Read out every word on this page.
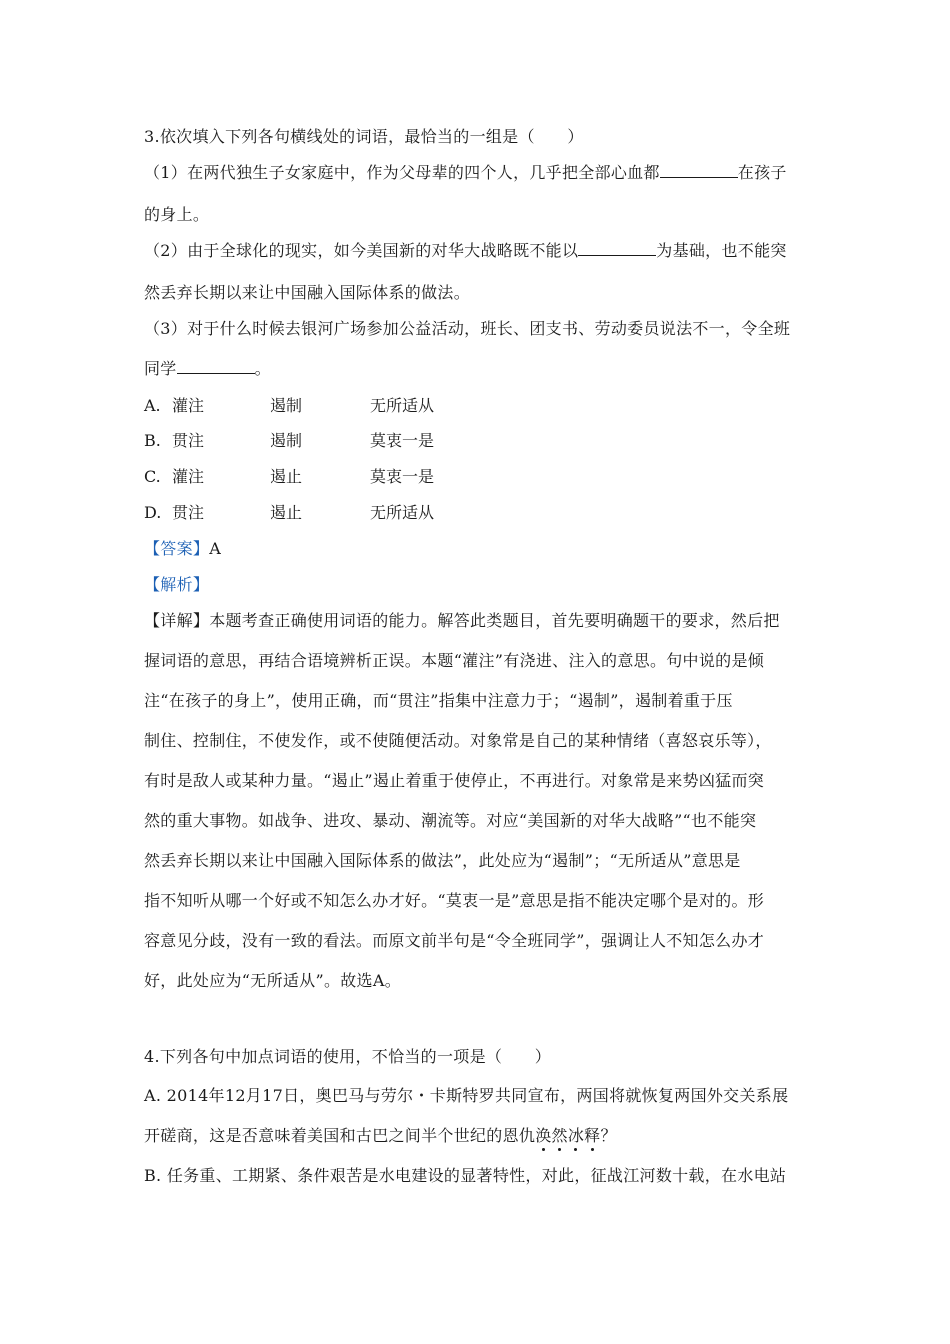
3.依次填入下列各句横线处的词语，最恰当的一组是（　　）
（1）在两代独生子女家庭中，作为父母辈的四个人，几乎把全部心血都	在孩子
的身上。
（2）由于全球化的现实，如今美国新的对华大战略既不能以	为基础，也不能突
然丢弃长期以来让中国融入国际体系的做法。
（3）对于什么时候去银河广场参加公益活动，班长、团支书、劳动委员说法不一，令全班
同学	。
A. 灌注	遏制	无所适从
B. 贯注	遏制	莫衷一是
C. 灌注	遏止	莫衷一是
D. 贯注	遏止	无所适从
【答案】A
【解析】
【详解】本题考查正确使用词语的能力。解答此类题目，首先要明确题干的要求，然后把
握词语的意思，再结合语境辨析正误。本题“灌注”有浇进、注入的意思。句中说的是倾
注“在孩子的身上”，使用正确，而“贯注”指集中注意力于；“遏制”，遏制着重于压
制住、控制住，不使发作，或不使随便活动。对象常是自己的某种情绪（喜怒哀乐等），
有时是敌人或某种力量。“遏止”遏止着重于使停止，不再进行。对象常是来势凶猛而突
然的重大事物。如战争、进攻、暴动、潮流等。对应“美国新的对华大战略”“也不能突
然丢弃长期以来让中国融入国际体系的做法”，此处应为“遏制”；“无所适从”意思是
指不知听从哪一个好或不知怎么办才好。“莫衷一是”意思是指不能决定哪个是对的。形
容意见分歧，没有一致的看法。而原文前半句是“令全班同学”，强调让人不知怎么办才
好，此处应为“无所适从”。故选A。
4.下列各句中加点词语的使用，不恰当的一项是（　　）
A. 2014年12月17日，奥巴马与劳尔・卡斯特罗共同宣布，两国将就恢复两国外交关系展
开磋商，这是否意味着美国和古巴之间半个世纪的恩仇涣然冰释？
B. 任务重、工期紧、条件艰苦是水电建设的显著特性，对此，征战江河数十载，在水电站
